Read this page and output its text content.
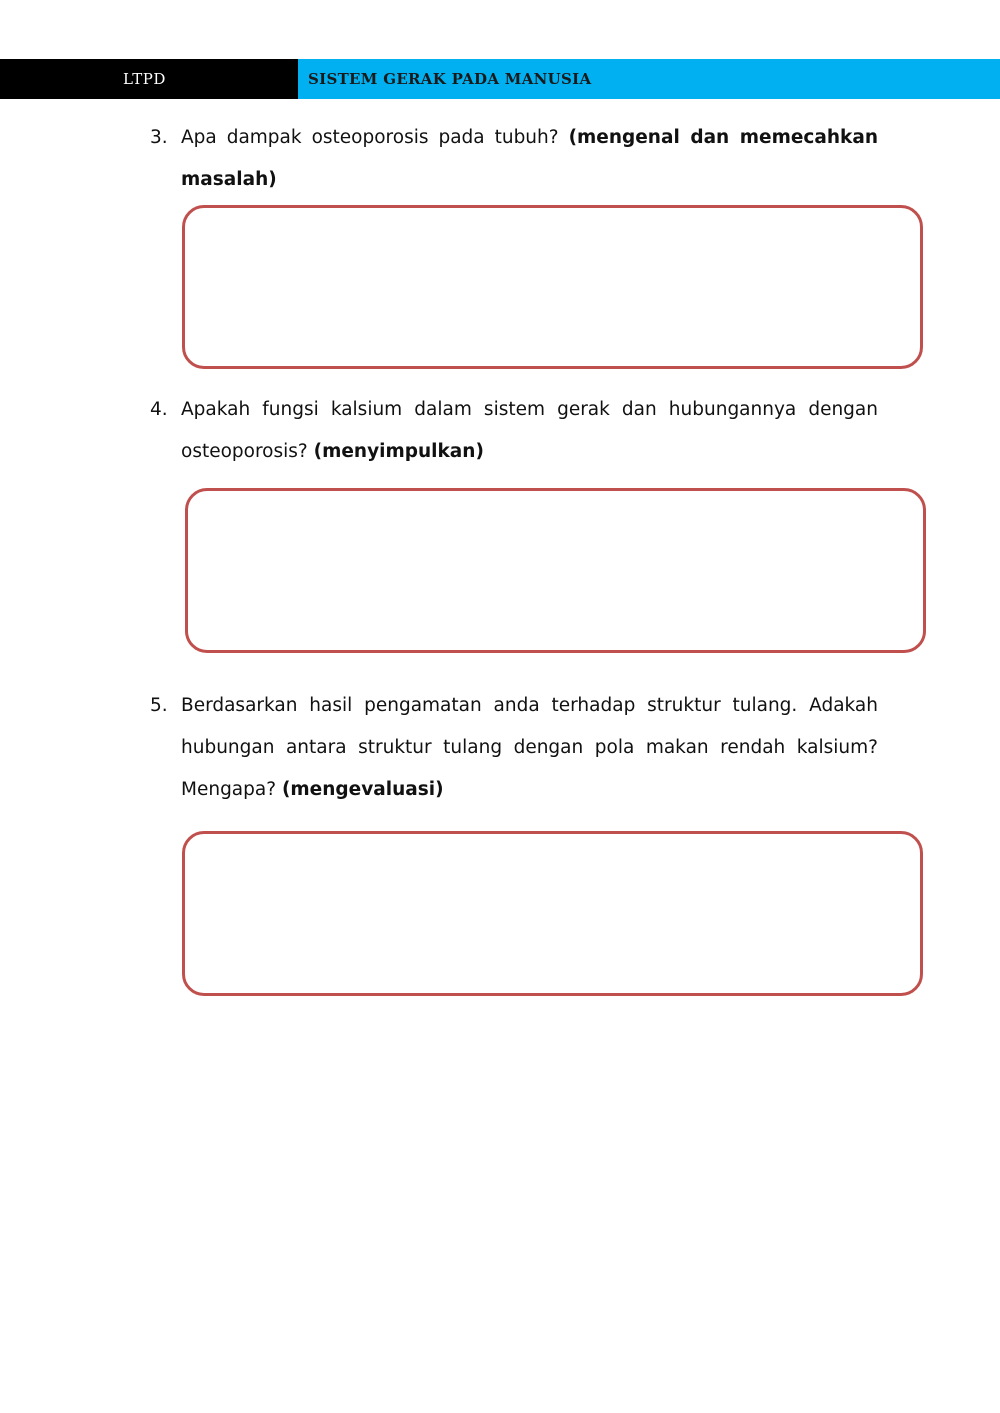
LTPD	SISTEM GERAK PADA MANUSIA
3. Apa dampak osteoporosis pada tubuh? (mengenal dan memecahkan masalah)
4. Apakah fungsi kalsium dalam sistem gerak dan hubungannya dengan osteoporosis? (menyimpulkan)
5. Berdasarkan hasil pengamatan anda terhadap struktur tulang. Adakah hubungan antara struktur tulang dengan pola makan rendah kalsium? Mengapa? (mengevaluasi)
